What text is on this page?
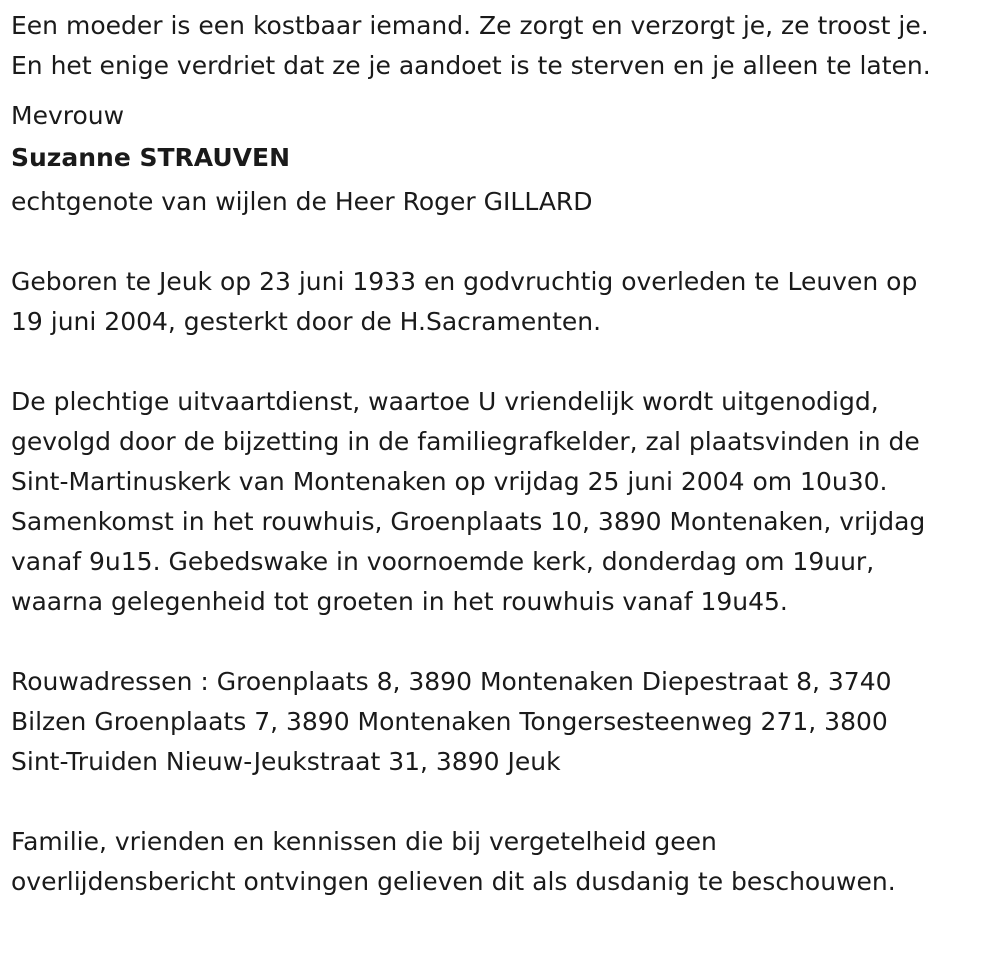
Een moeder is een kostbaar iemand. Ze zorgt en verzorgt je, ze troost je.
En het enige verdriet dat ze je aandoet is te sterven en je alleen te laten.
Mevrouw
Suzanne STRAUVEN
echtgenote van wijlen de Heer Roger GILLARD
Geboren te Jeuk op 23 juni 1933 en godvruchtig overleden te Leuven op
19 juni 2004, gesterkt door de H.Sacramenten.
De plechtige uitvaartdienst, waartoe U vriendelijk wordt uitgenodigd,
gevolgd door de bijzetting in de familiegrafkelder, zal plaatsvinden in de
Sint-Martinuskerk van Montenaken op vrijdag 25 juni 2004 om 10u30.
Samenkomst in het rouwhuis, Groenplaats 10, 3890 Montenaken, vrijdag
vanaf 9u15. Gebedswake in voornoemde kerk, donderdag om 19uur,
waarna gelegenheid tot groeten in het rouwhuis vanaf 19u45.
Rouwadressen : Groenplaats 8, 3890 Montenaken Diepestraat 8, 3740
Bilzen Groenplaats 7, 3890 Montenaken Tongersesteenweg 271, 3800
Sint-Truiden Nieuw-Jeukstraat 31, 3890 Jeuk
Familie, vrienden en kennissen die bij vergetelheid geen
overlijdensbericht ontvingen gelieven dit als dusdanig te beschouwen.
